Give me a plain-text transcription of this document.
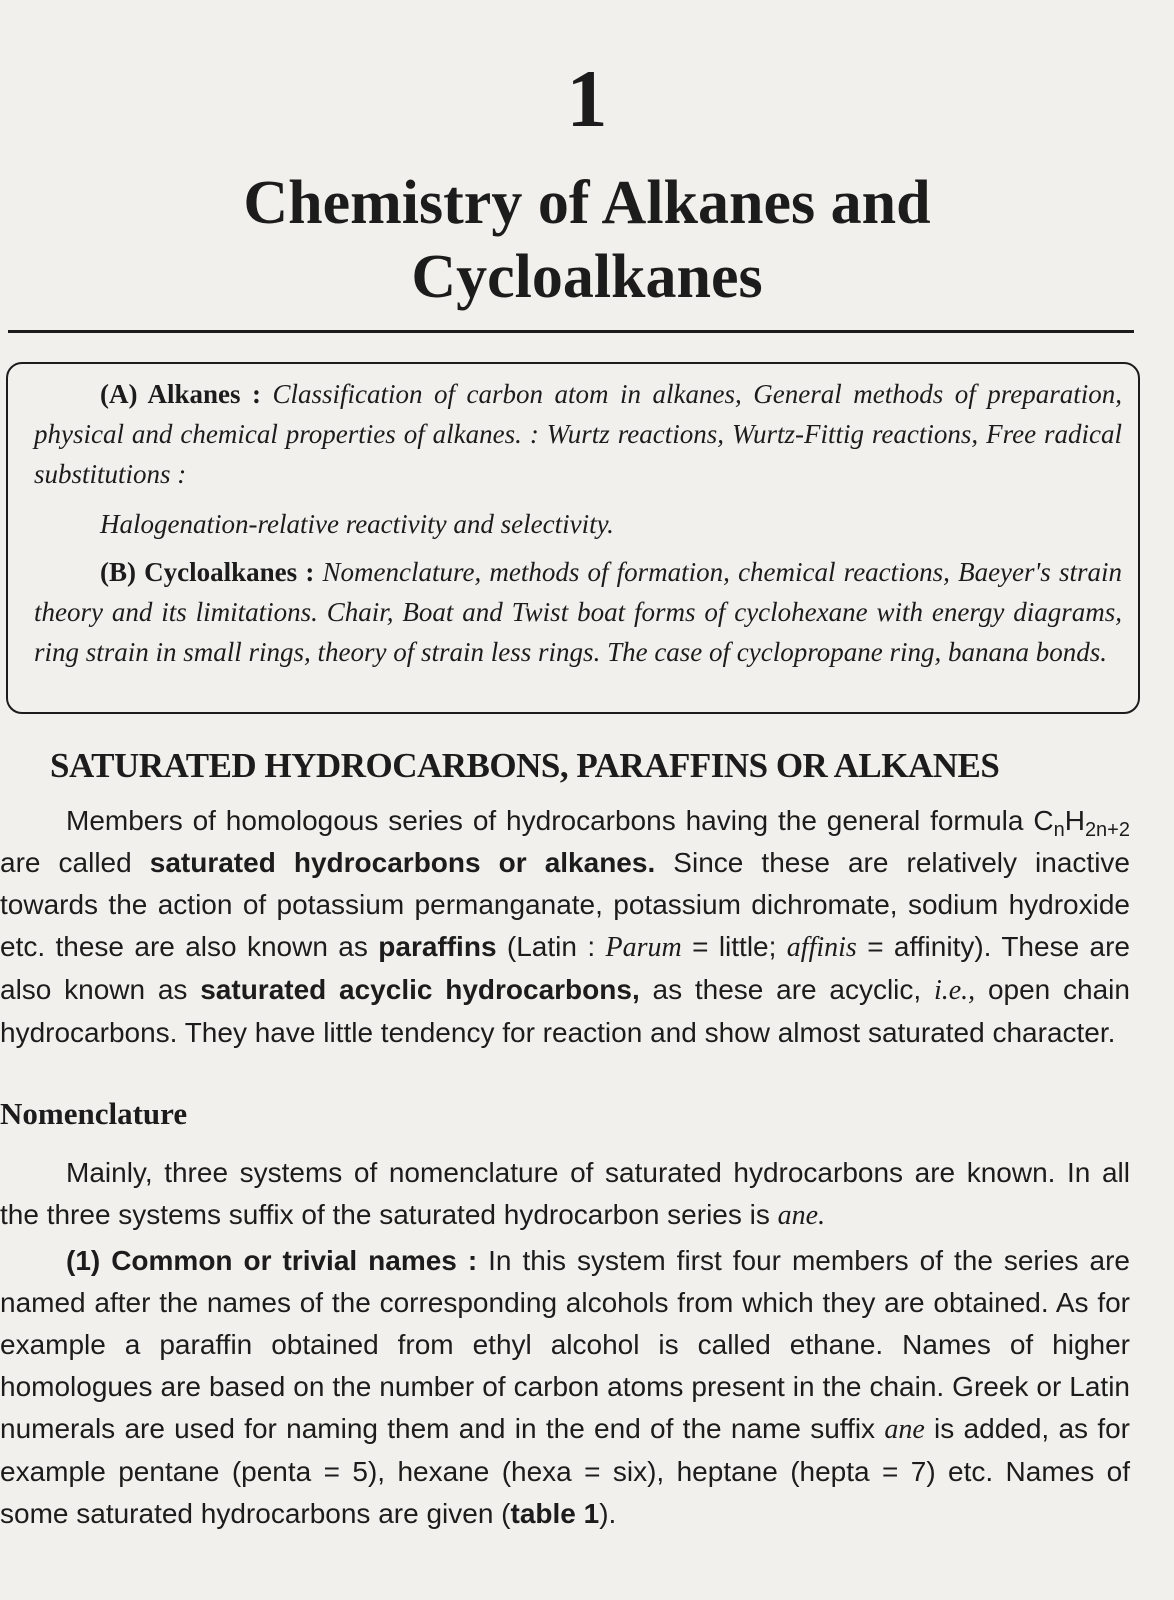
1
Chemistry of Alkanes and
Cycloalkanes

(A) Alkanes : Classification of carbon atom in alkanes, General methods of preparation, physical and chemical properties of alkanes. : Wurtz reactions, Wurtz-Fittig reactions, Free radical substitutions :

Halogenation-relative reactivity and selectivity.

(B) Cycloalkanes : Nomenclature, methods of formation, chemical reactions, Baeyer's strain theory and its limitations. Chair, Boat and Twist boat forms of cyclohexane with energy diagrams, ring strain in small rings, theory of strain less rings. The case of cyclopropane ring, banana bonds.

SATURATED HYDROCARBONS, PARAFFINS OR ALKANES

Members of homologous series of hydrocarbons having the general formula $C_nH_{2n+2}$ are called saturated hydrocarbons or alkanes. Since these are relatively inactive towards the action of potassium permanganate, potassium dichromate, sodium hydroxide etc. these are also known as paraffins (Latin : Parum = little; affinis = affinity). These are also known as saturated acyclic hydrocarbons, as these are acyclic, i.e., open chain hydrocarbons. They have little tendency for reaction and show almost saturated character.

Nomenclature

Mainly, three systems of nomenclature of saturated hydrocarbons are known. In all the three systems suffix of the saturated hydrocarbon series is ane.

(1) Common or trivial names : In this system first four members of the series are named after the names of the corresponding alcohols from which they are obtained. As for example a paraffin obtained from ethyl alcohol is called ethane. Names of higher homologues are based on the number of carbon atoms present in the chain. Greek or Latin numerals are used for naming them and in the end of the name suffix ane is added, as for example pentane (penta = 5), hexane (hexa = six), heptane (hepta = 7) etc. Names of some saturated hydrocarbons are given (table 1).
